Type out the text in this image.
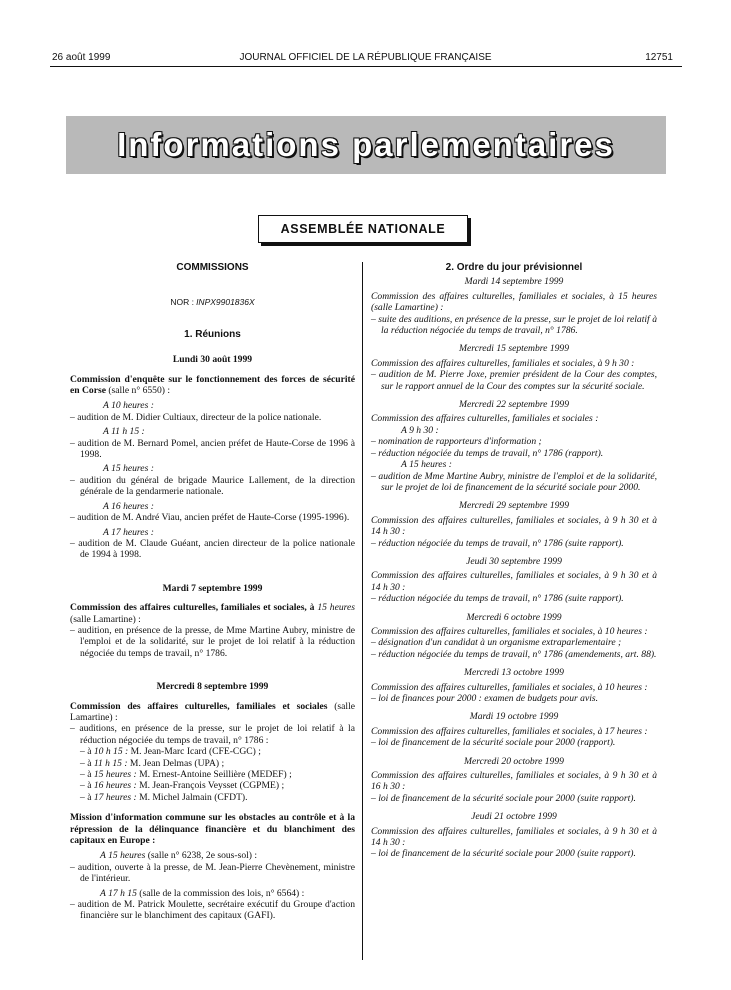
26 août 1999	JOURNAL OFFICIEL DE LA RÉPUBLIQUE FRANÇAISE	12751
Informations parlementaires
ASSEMBLÉE NATIONALE
COMMISSIONS
NOR : INPX9901836X
1. Réunions
Lundi 30 août 1999
Commission d'enquête sur le fonctionnement des forces de sécurité en Corse (salle n° 6550) :
A 10 heures :
– audition de M. Didier Cultiaux, directeur de la police nationale.
A 11 h 15 :
– audition de M. Bernard Pomel, ancien préfet de Haute-Corse de 1996 à 1998.
A 15 heures :
– audition du général de brigade Maurice Lallement, de la direction générale de la gendarmerie nationale.
A 16 heures :
– audition de M. André Viau, ancien préfet de Haute-Corse (1995-1996).
A 17 heures :
– audition de M. Claude Guéant, ancien directeur de la police nationale de 1994 à 1998.
Mardi 7 septembre 1999
Commission des affaires culturelles, familiales et sociales, à 15 heures (salle Lamartine) :
– audition, en présence de la presse, de Mme Martine Aubry, ministre de l'emploi et de la solidarité, sur le projet de loi relatif à la réduction négociée du temps de travail, n° 1786.
Mercredi 8 septembre 1999
Commission des affaires culturelles, familiales et sociales (salle Lamartine) :
– auditions, en présence de la presse, sur le projet de loi relatif à la réduction négociée du temps de travail, n° 1786 :
– à 10 h 15 : M. Jean-Marc Icard (CFE-CGC) ;
– à 11 h 15 : M. Jean Delmas (UPA) ;
– à 15 heures : M. Ernest-Antoine Seillière (MEDEF) ;
– à 16 heures : M. Jean-François Veysset (CGPME) ;
– à 17 heures : M. Michel Jalmain (CFDT).
Mission d'information commune sur les obstacles au contrôle et à la répression de la délinquance financière et du blanchiment des capitaux en Europe :
A 15 heures (salle n° 6238, 2e sous-sol) :
– audition, ouverte à la presse, de M. Jean-Pierre Chevènement, ministre de l'intérieur.
A 17 h 15 (salle de la commission des lois, n° 6564) :
– audition de M. Patrick Moulette, secrétaire exécutif du Groupe d'action financière sur le blanchiment des capitaux (GAFI).
2. Ordre du jour prévisionnel
Mardi 14 septembre 1999
Commission des affaires culturelles, familiales et sociales, à 15 heures (salle Lamartine) :
– suite des auditions, en présence de la presse, sur le projet de loi relatif à la réduction négociée du temps de travail, n° 1786.
Mercredi 15 septembre 1999
Commission des affaires culturelles, familiales et sociales, à 9 h 30 :
– audition de M. Pierre Joxe, premier président de la Cour des comptes, sur le rapport annuel de la Cour des comptes sur la sécurité sociale.
Mercredi 22 septembre 1999
Commission des affaires culturelles, familiales et sociales :
A 9 h 30 :
– nomination de rapporteurs d'information ;
– réduction négociée du temps de travail, n° 1786 (rapport).
A 15 heures :
– audition de Mme Martine Aubry, ministre de l'emploi et de la solidarité, sur le projet de loi de financement de la sécurité sociale pour 2000.
Mercredi 29 septembre 1999
Commission des affaires culturelles, familiales et sociales, à 9 h 30 et à 14 h 30 :
– réduction négociée du temps de travail, n° 1786 (suite rapport).
Jeudi 30 septembre 1999
Commission des affaires culturelles, familiales et sociales, à 9 h 30 et à 14 h 30 :
– réduction négociée du temps de travail, n° 1786 (suite rapport).
Mercredi 6 octobre 1999
Commission des affaires culturelles, familiales et sociales, à 10 heures :
– désignation d'un candidat à un organisme extraparlementaire ;
– réduction négociée du temps de travail, n° 1786 (amendements, art. 88).
Mercredi 13 octobre 1999
Commission des affaires culturelles, familiales et sociales, à 10 heures :
– loi de finances pour 2000 : examen de budgets pour avis.
Mardi 19 octobre 1999
Commission des affaires culturelles, familiales et sociales, à 17 heures :
– loi de financement de la sécurité sociale pour 2000 (rapport).
Mercredi 20 octobre 1999
Commission des affaires culturelles, familiales et sociales, à 9 h 30 et à 16 h 30 :
– loi de financement de la sécurité sociale pour 2000 (suite rapport).
Jeudi 21 octobre 1999
Commission des affaires culturelles, familiales et sociales, à 9 h 30 et à 14 h 30 :
– loi de financement de la sécurité sociale pour 2000 (suite rapport).
